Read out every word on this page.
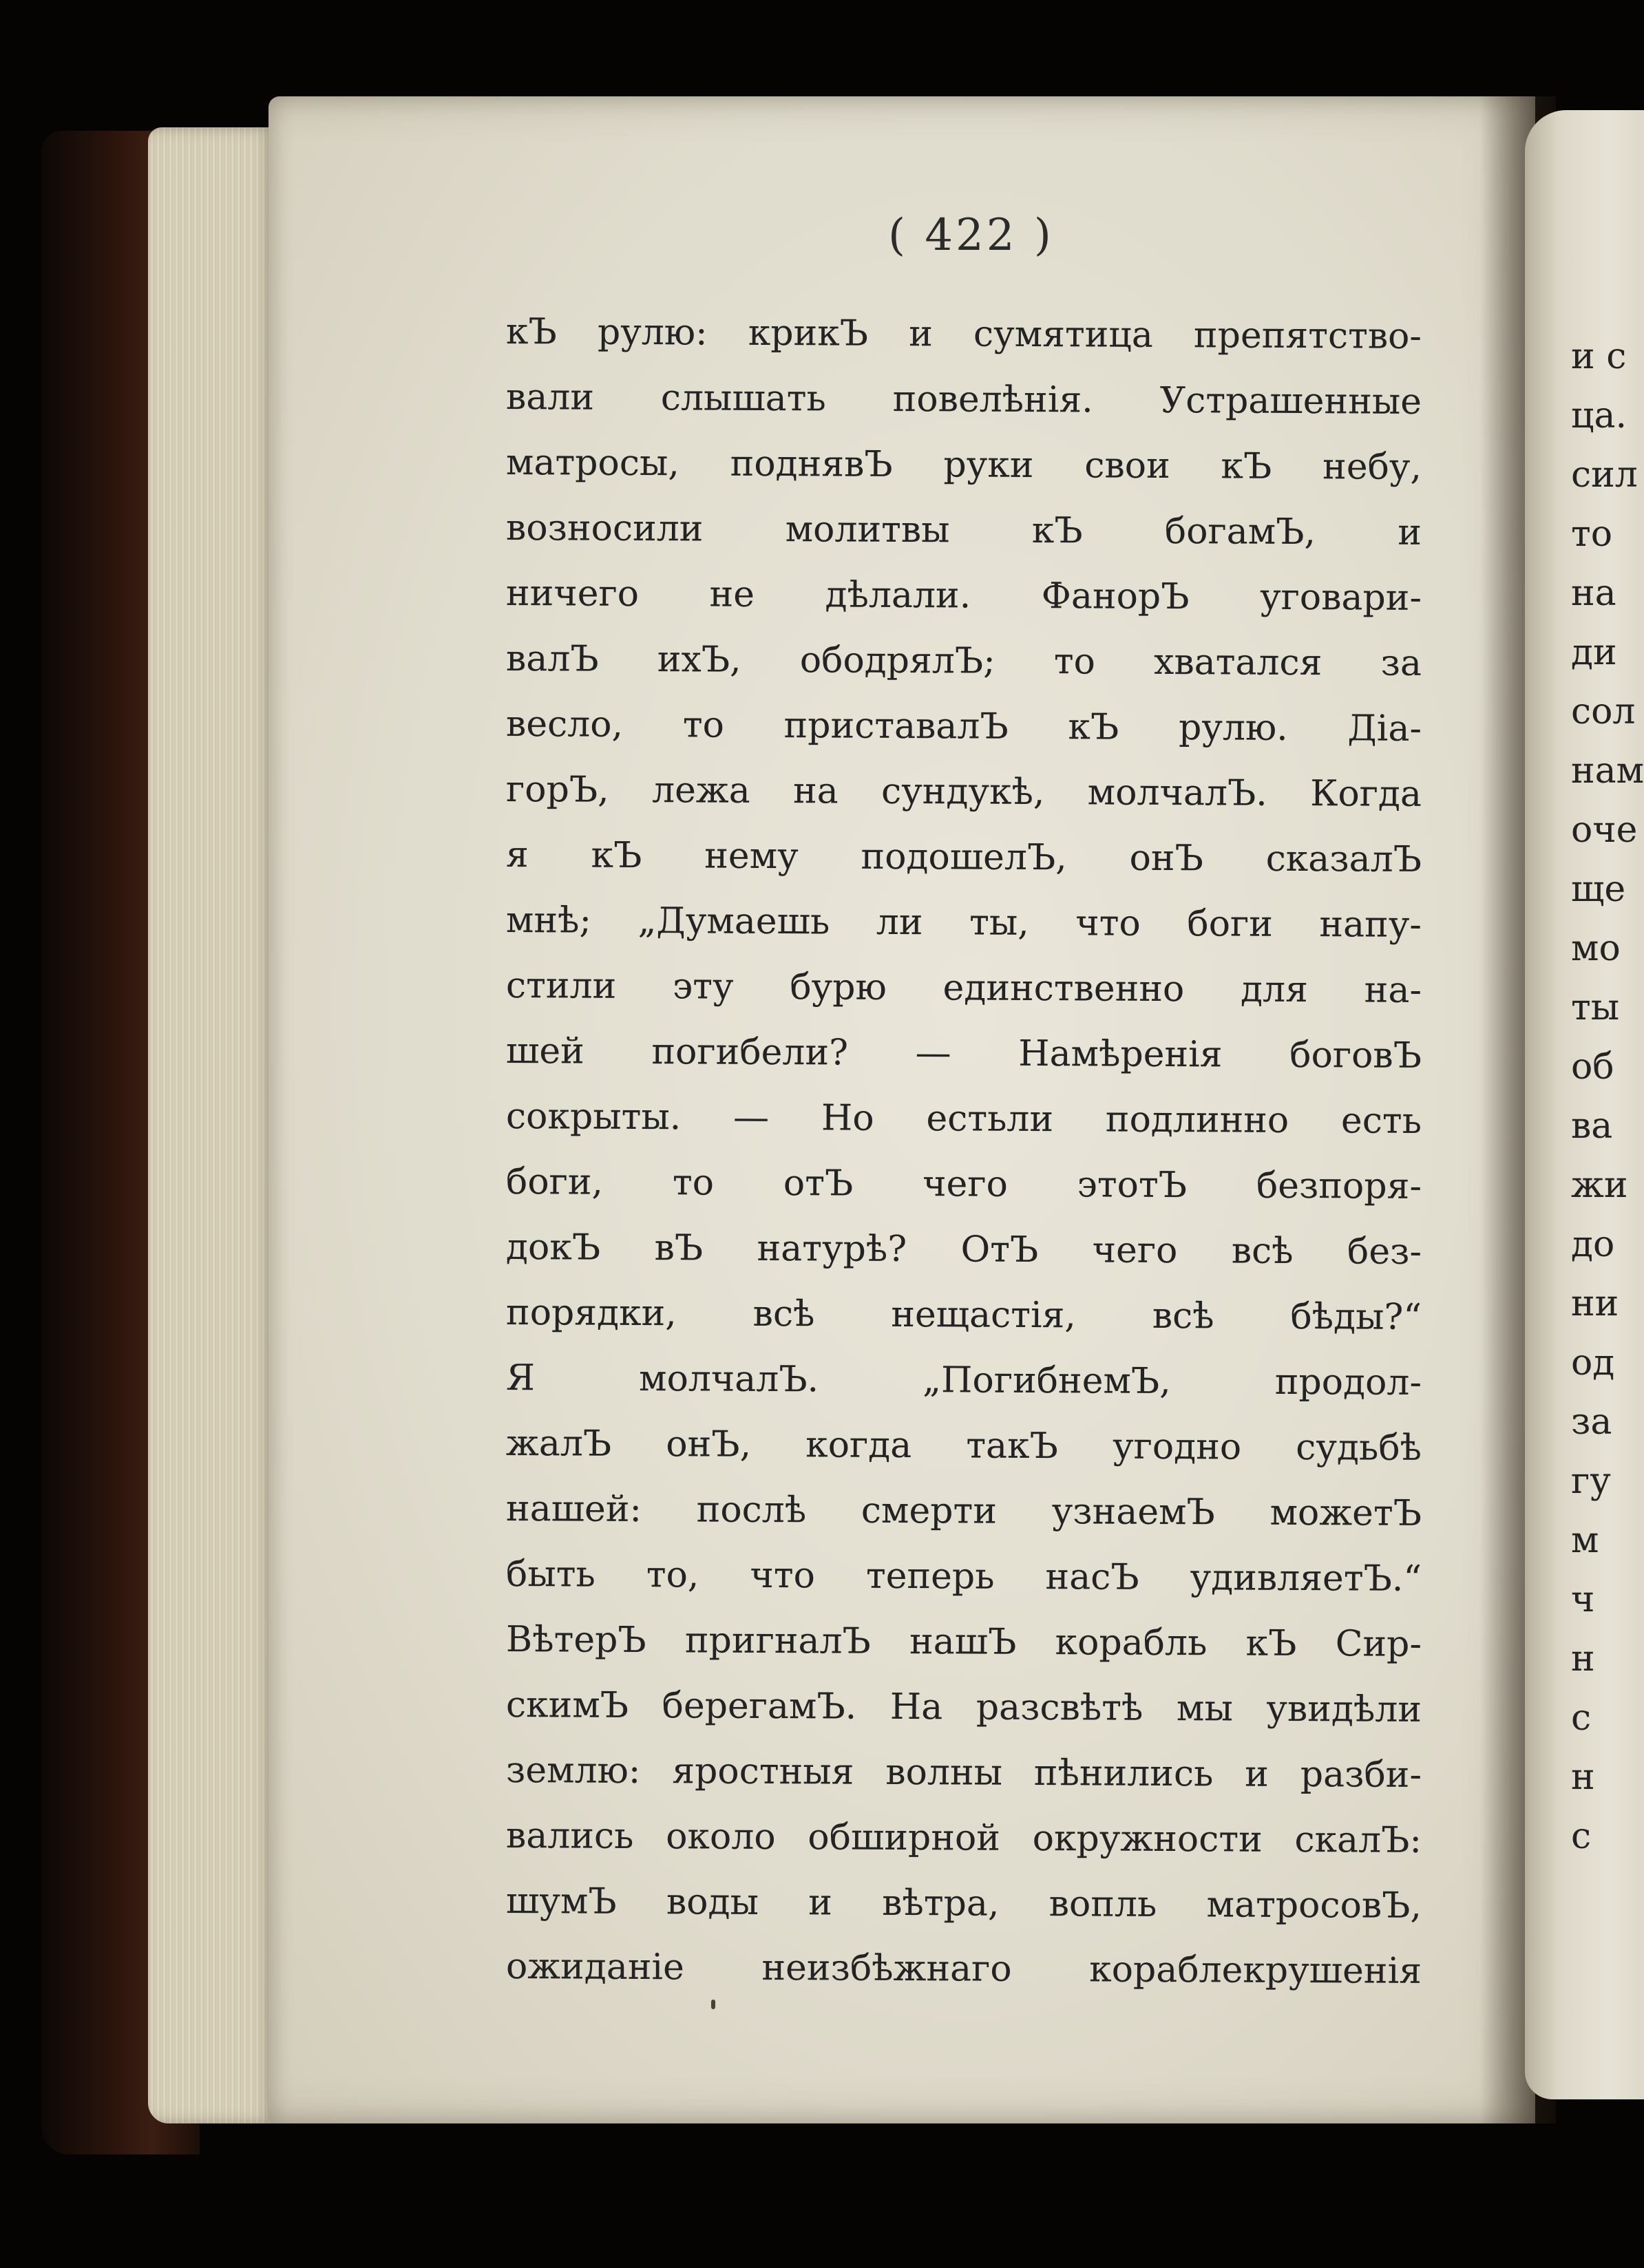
( 422 )
кЪ рулю: крикЪ и сумятица препятство-
вали слышать повелѣнія. Устрашенные
матросы, поднявЪ руки свои кЪ небу,
возносили молитвы кЪ богамЪ, и
ничего не дѣлали. ФанорЪ уговари-
валЪ ихЪ, ободрялЪ; то хватался за
весло, то приставалЪ кЪ рулю. Діа-
горЪ, лежа на сундукѣ, молчалЪ. Когда
я кЪ нему подошелЪ, онЪ сказалЪ
мнѣ; „Думаешь ли ты, что боги напу-
стили эту бурю единственно для на-
шей погибели? — Намѣренія боговЪ
сокрыты. — Но естьли подлинно есть
боги, то отЪ чего этотЪ безпоря-
докЪ вЪ натурѣ? ОтЪ чего всѣ без-
порядки, всѣ нещастія, всѣ бѣды?“
Я молчалЪ. „ПогибнемЪ, продол-
жалЪ онЪ, когда такЪ угодно судьбѣ
нашей: послѣ смерти узнаемЪ можетЪ
быть то, что теперь насЪ удивляетЪ.“
ВѣтерЪ пригналЪ нашЪ корабль кЪ Сир-
скимЪ берегамЪ. На разсвѣтѣ мы увидѣли
землю: яростныя волны пѣнились и разби-
вались около обширной окружности скалЪ:
шумЪ воды и вѣтра, вопль матросовЪ,
ожиданіе неизбѣжнаго кораблекрушенія
и с
ца.
сил
то
на
ди
сол
нам
оче
ще
мо
ты
об
ва
жи
до
ни
од
за
гу
м
ч
н
с
н
с
